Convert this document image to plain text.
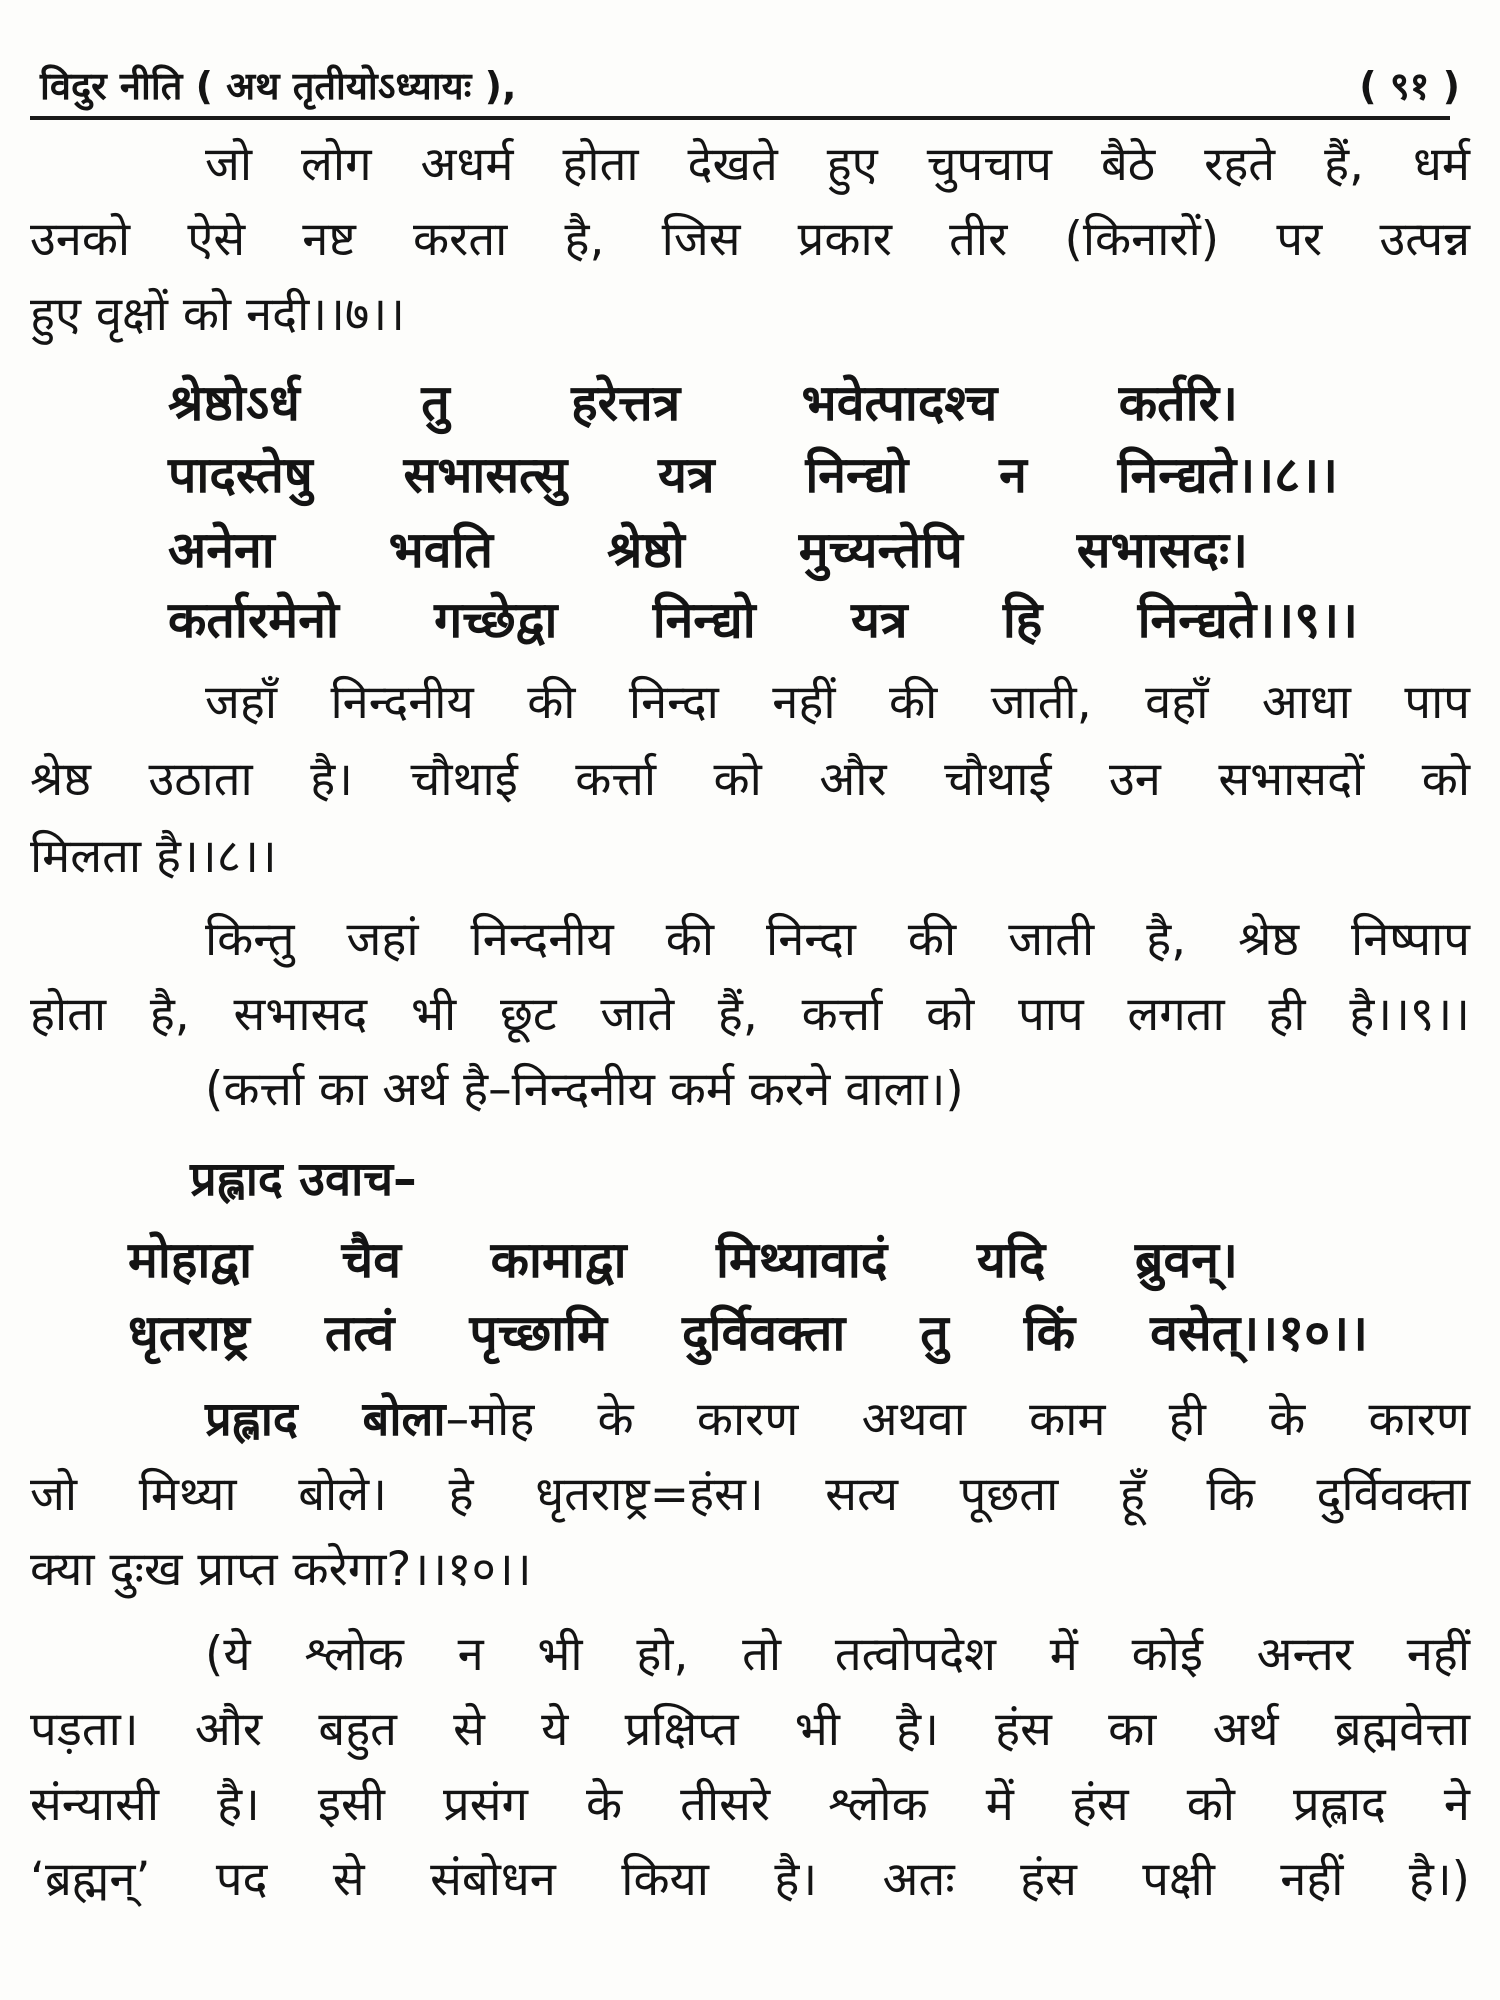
विदुर नीति ( अथ तृतीयोऽध्यायः ),	( ९१ )
जो लोग अधर्म होता देखते हुए चुपचाप बैठे रहते हैं, धर्म
उनको ऐसे नष्ट करता है, जिस प्रकार तीर (किनारों) पर उत्पन्न
हुए वृक्षों को नदी।।७।।
श्रेष्ठोऽर्ध तु हरेत्तत्र भवेत्पादश्च कर्तरि।
पादस्तेषु सभासत्सु यत्र निन्द्यो न निन्द्यते।।८।।
अनेना भवति श्रेष्ठो मुच्यन्तेपि सभासदः।
कर्तारमेनो गच्छेद्वा निन्द्यो यत्र हि निन्द्यते।।९।।
जहाँ निन्दनीय की निन्दा नहीं की जाती, वहाँ आधा पाप
श्रेष्ठ उठाता है। चौथाई कर्त्ता को और चौथाई उन सभासदों को
मिलता है।।८।।
किन्तु जहां निन्दनीय की निन्दा की जाती है, श्रेष्ठ निष्पाप
होता है, सभासद भी छूट जाते हैं, कर्त्ता को पाप लगता ही है।।९।।
(कर्त्ता का अर्थ है–निन्दनीय कर्म करने वाला।)
प्रह्लाद उवाच–
मोहाद्वा चैव कामाद्वा मिथ्यावादं यदि ब्रुवन्।
धृतराष्ट्र तत्वं पृच्छामि दुर्विवक्ता तु किं वसेत्।।१०।।
प्रह्लाद बोला–मोह के कारण अथवा काम ही के कारण
जो मिथ्या बोले। हे धृतराष्ट्र=हंस। सत्य पूछता हूँ कि दुर्विवक्ता
क्या दुःख प्राप्त करेगा?।।१०।।
(ये श्लोक न भी हो, तो तत्वोपदेश में कोई अन्तर नहीं
पड़ता। और बहुत से ये प्रक्षिप्त भी है। हंस का अर्थ ब्रह्मवेत्ता
संन्यासी है। इसी प्रसंग के तीसरे श्लोक में हंस को प्रह्लाद ने
‘ब्रह्मन्’ पद से संबोधन किया है। अतः हंस पक्षी नहीं है।)
